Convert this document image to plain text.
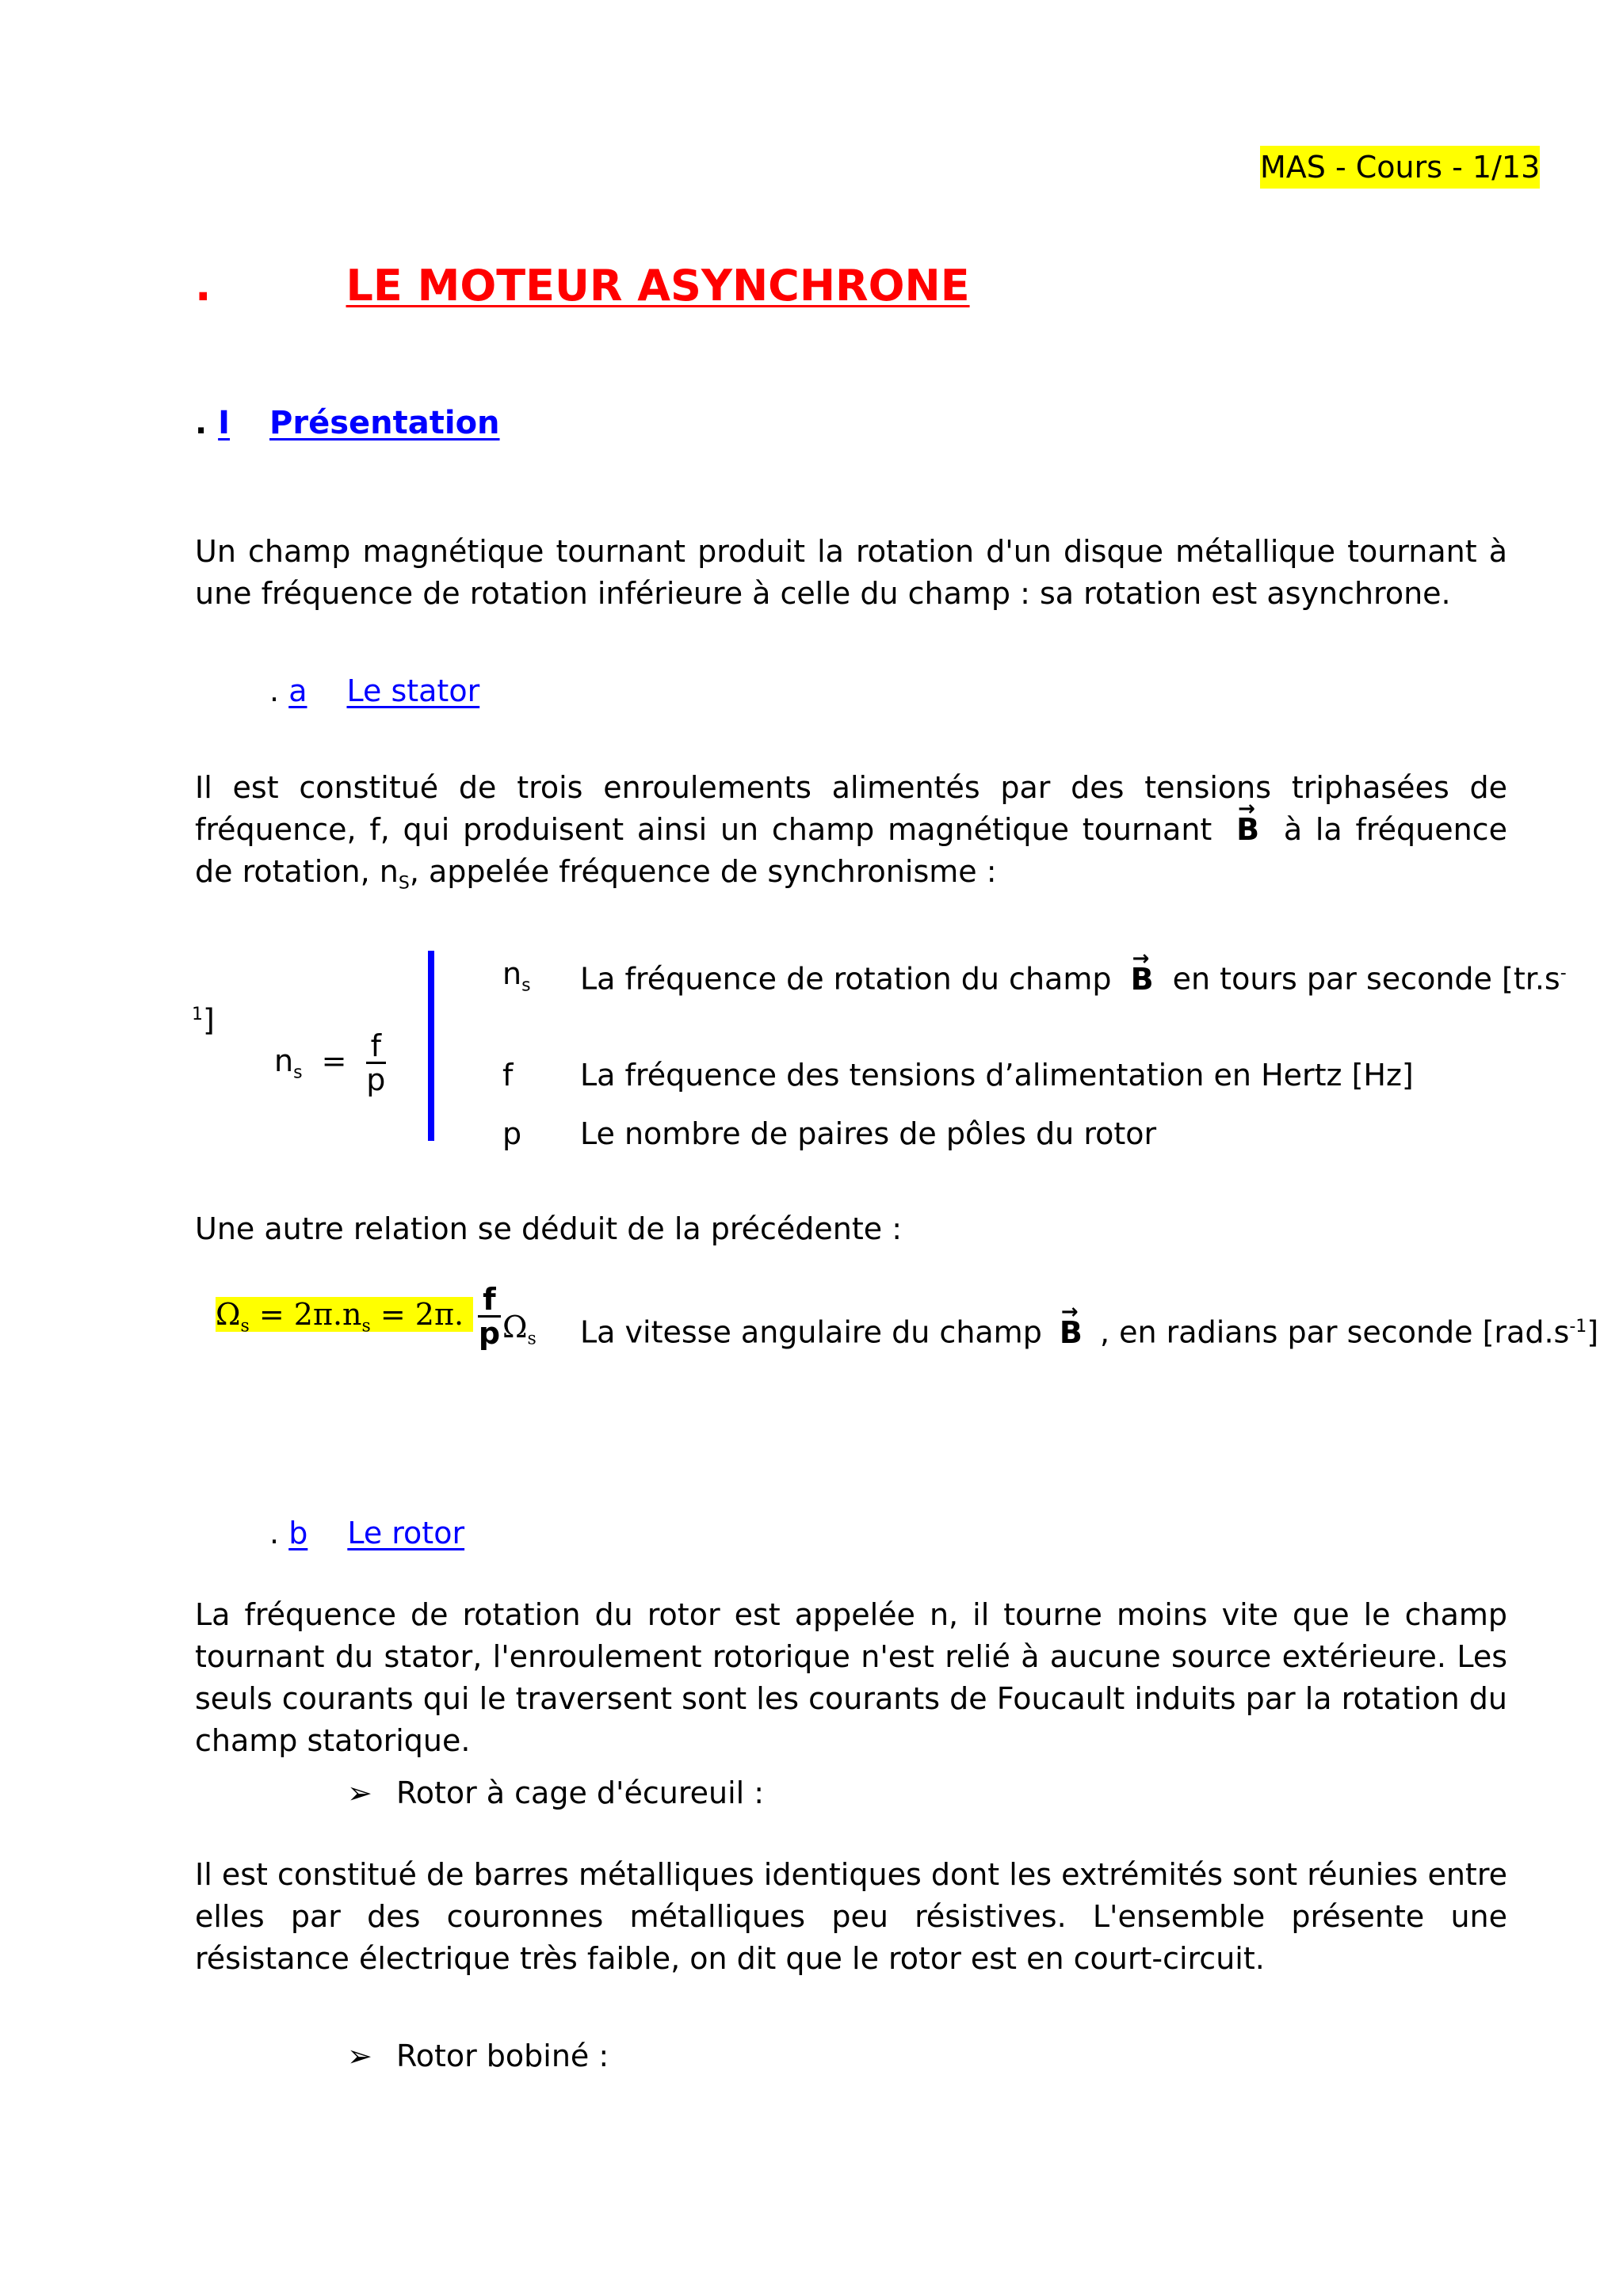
MAS - Cours - 1/13
.	LE MOTEUR ASYNCHRONE
. I Présentation
Un champ magnétique tournant produit la rotation d'un disque métallique tournant à une fréquence de rotation inférieure à celle du champ : sa rotation est asynchrone.
. a Le stator
Il est constitué de trois enroulements alimentés par des tensions triphasées de fréquence, f, qui produisent ainsi un champ magnétique tournant → B à la fréquence de rotation, $n_S$, appelée fréquence de synchronisme :
$n_s = \frac{f}{p}$
$n_s$ La fréquence de rotation du champ → B en tours par seconde [tr.s-
$^1$]
f La fréquence des tensions d’alimentation en Hertz [Hz]
p Le nombre de paires de pôles du rotor
Une autre relation se déduit de la précédente :
$\Omega_s = 2\pi.n_s = 2\pi$. $\frac{f}{p} \Omega_s$ La vitesse angulaire du champ → B , en radians par seconde $[rad.s^{-1}]$
. b Le rotor
La fréquence de rotation du rotor est appelée n, il tourne moins vite que le champ tournant du stator, l'enroulement rotorique n'est relié à aucune source extérieure. Les seuls courants qui le traversent sont les courants de Foucault induits par la rotation du champ statorique.
➢ Rotor à cage d'écureuil :
Il est constitué de barres métalliques identiques dont les extrémités sont réunies entre elles par des couronnes métalliques peu résistives. L'ensemble présente une résistance électrique très faible, on dit que le rotor est en court-circuit.
➢ Rotor bobiné :
